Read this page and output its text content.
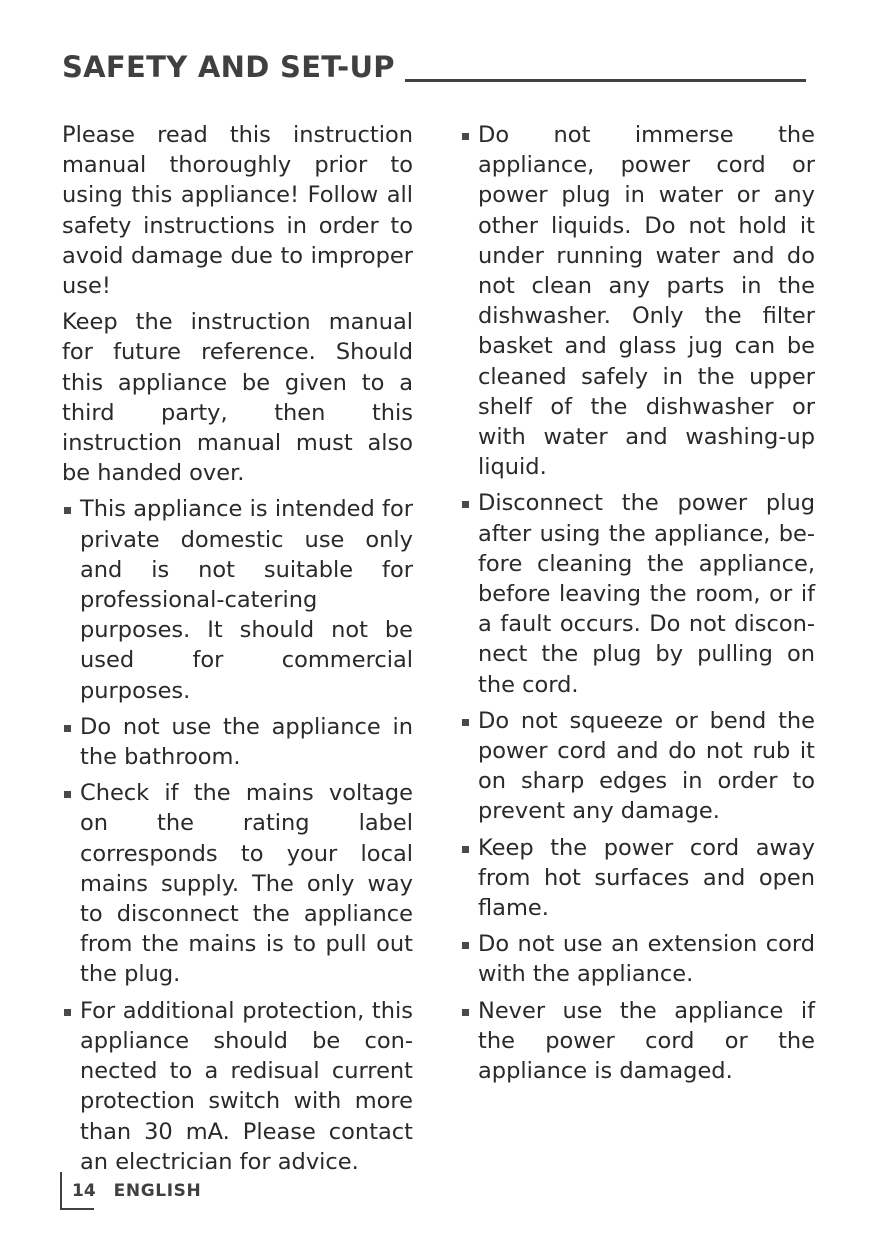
SAFETY AND SET-UP

Please read this instruction manual thoroughly prior to using this appliance! Follow all safety instructions in order to avoid damage due to improper use!

Keep the instruction manual for future reference. Should this appliance be given to a third party, then this instruction manual must also be handed over.

This appliance is intended for private domestic use only and is not suitable for professional-catering purposes. It should not be used for commercial purposes.
Do not use the appliance in the bathroom.
Check if the mains voltage on the rating label corresponds to your local mains supply. The only way to disconnect the appliance from the mains is to pull out the plug.
For additional protection, this appliance should be connected to a redisual current protection switch with more than 30 mA. Please contact an electrician for advice.
Do not immerse the appliance, power cord or power plug in water or any other liquids. Do not hold it under running water and do not clean any parts in the dishwasher. Only the filter basket and glass jug can be cleaned safely in the upper shelf of the dishwasher or with water and washing-up liquid.
Disconnect the power plug after using the appliance, before cleaning the appliance, before leaving the room, or if a fault occurs. Do not disconnect the plug by pulling on the cord.
Do not squeeze or bend the power cord and do not rub it on sharp edges in order to prevent any damage.
Keep the power cord away from hot surfaces and open flame.
Do not use an extension cord with the appliance.
Never use the appliance if the power cord or the appliance is damaged.
14 ENGLISH
